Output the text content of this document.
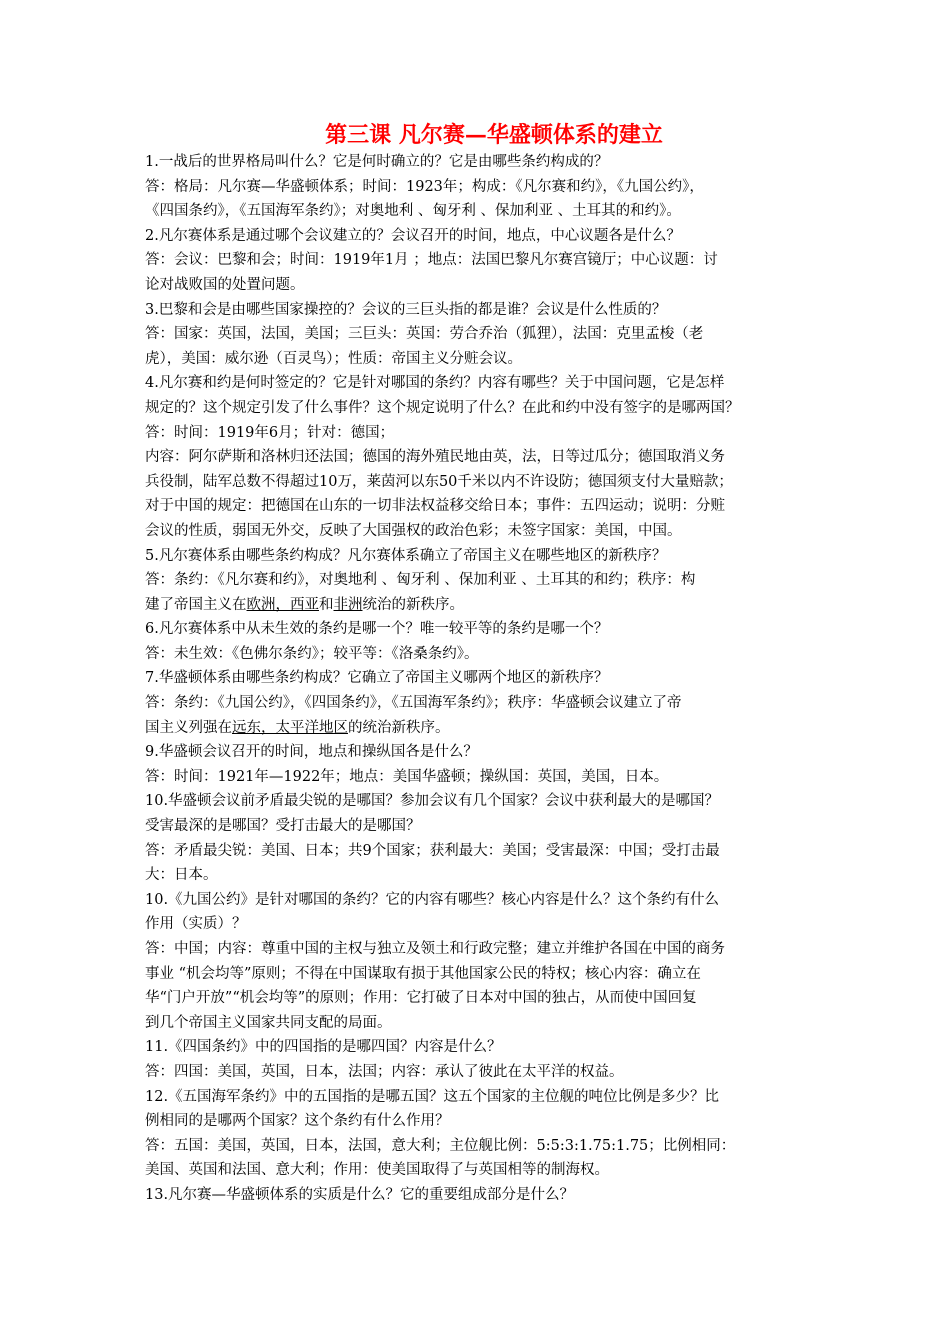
第三课 凡尔赛—华盛顿体系的建立
1.一战后的世界格局叫什么？它是何时确立的？它是由哪些条约构成的？
答：格局：凡尔赛—华盛顿体系；时间：1923年；构成：《凡尔赛和约》，《九国公约》，
《四国条约》，《五国海军条约》；对奥地利 、匈牙利 、保加利亚 、土耳其的和约》。
2.凡尔赛体系是通过哪个会议建立的？会议召开的时间，地点，中心议题各是什么？
答：会议：巴黎和会；时间：1919年1月 ；地点：法国巴黎凡尔赛宫镜厅；中心议题：讨
论对战败国的处置问题。
3.巴黎和会是由哪些国家操控的？会议的三巨头指的都是谁？会议是什么性质的？
答：国家：英国，法国，美国；三巨头：英国：劳合乔治（狐狸），法国：克里孟梭（老
虎），美国：威尔逊（百灵鸟）；性质：帝国主义分赃会议。
4.凡尔赛和约是何时签定的？它是针对哪国的条约？内容有哪些？关于中国问题，它是怎样
规定的？这个规定引发了什么事件？这个规定说明了什么？在此和约中没有签字的是哪两国？
答：时间：1919年6月；针对：德国；
内容：阿尔萨斯和洛林归还法国；德国的海外殖民地由英，法，日等过瓜分；德国取消义务
兵役制，陆军总数不得超过10万，莱茵河以东50千米以内不许设防；德国须支付大量赔款；
对于中国的规定：把德国在山东的一切非法权益移交给日本；事件：五四运动；说明：分赃
会议的性质，弱国无外交，反映了大国强权的政治色彩；未签字国家：美国，中国。
5.凡尔赛体系由哪些条约构成？凡尔赛体系确立了帝国主义在哪些地区的新秩序？
答：条约：《凡尔赛和约》，对奥地利 、匈牙利 、保加利亚 、土耳其的和约；秩序：构
建了帝国主义在欧洲，西亚和非洲统治的新秩序。
6.凡尔赛体系中从未生效的条约是哪一个？唯一较平等的条约是哪一个？
答：未生效：《色佛尔条约》；较平等：《洛桑条约》。
7.华盛顿体系由哪些条约构成？它确立了帝国主义哪两个地区的新秩序？
答：条约：《九国公约》，《四国条约》，《五国海军条约》；秩序：华盛顿会议建立了帝
国主义列强在远东，太平洋地区的统治新秩序。
9.华盛顿会议召开的时间，地点和操纵国各是什么？
答：时间：1921年—1922年；地点：美国华盛顿；操纵国：英国，美国，日本。
10.华盛顿会议前矛盾最尖锐的是哪国？参加会议有几个国家？会议中获利最大的是哪国？
受害最深的是哪国？受打击最大的是哪国？
答：矛盾最尖锐：美国、日本；共9个国家；获利最大：美国；受害最深：中国；受打击最
大：日本。
10.《九国公约》是针对哪国的条约？它的内容有哪些？核心内容是什么？这个条约有什么
作用（实质）？
答：中国；内容：尊重中国的主权与独立及领土和行政完整；建立并维护各国在中国的商务
事业 “机会均等”原则；不得在中国谋取有损于其他国家公民的特权；核心内容：确立在
华“门户开放”“机会均等”的原则；作用：它打破了日本对中国的独占，从而使中国回复
到几个帝国主义国家共同支配的局面。
11.《四国条约》中的四国指的是哪四国？内容是什么？
答：四国：美国，英国，日本，法国；内容：承认了彼此在太平洋的权益。
12.《五国海军条约》中的五国指的是哪五国？这五个国家的主位舰的吨位比例是多少？比
例相同的是哪两个国家？这个条约有什么作用？
答：五国：美国，英国，日本，法国，意大利；主位舰比例：5:5:3:1.75:1.75；比例相同：
美国、英国和法国、意大利；作用：使美国取得了与英国相等的制海权。
13.凡尔赛—华盛顿体系的实质是什么？它的重要组成部分是什么？
